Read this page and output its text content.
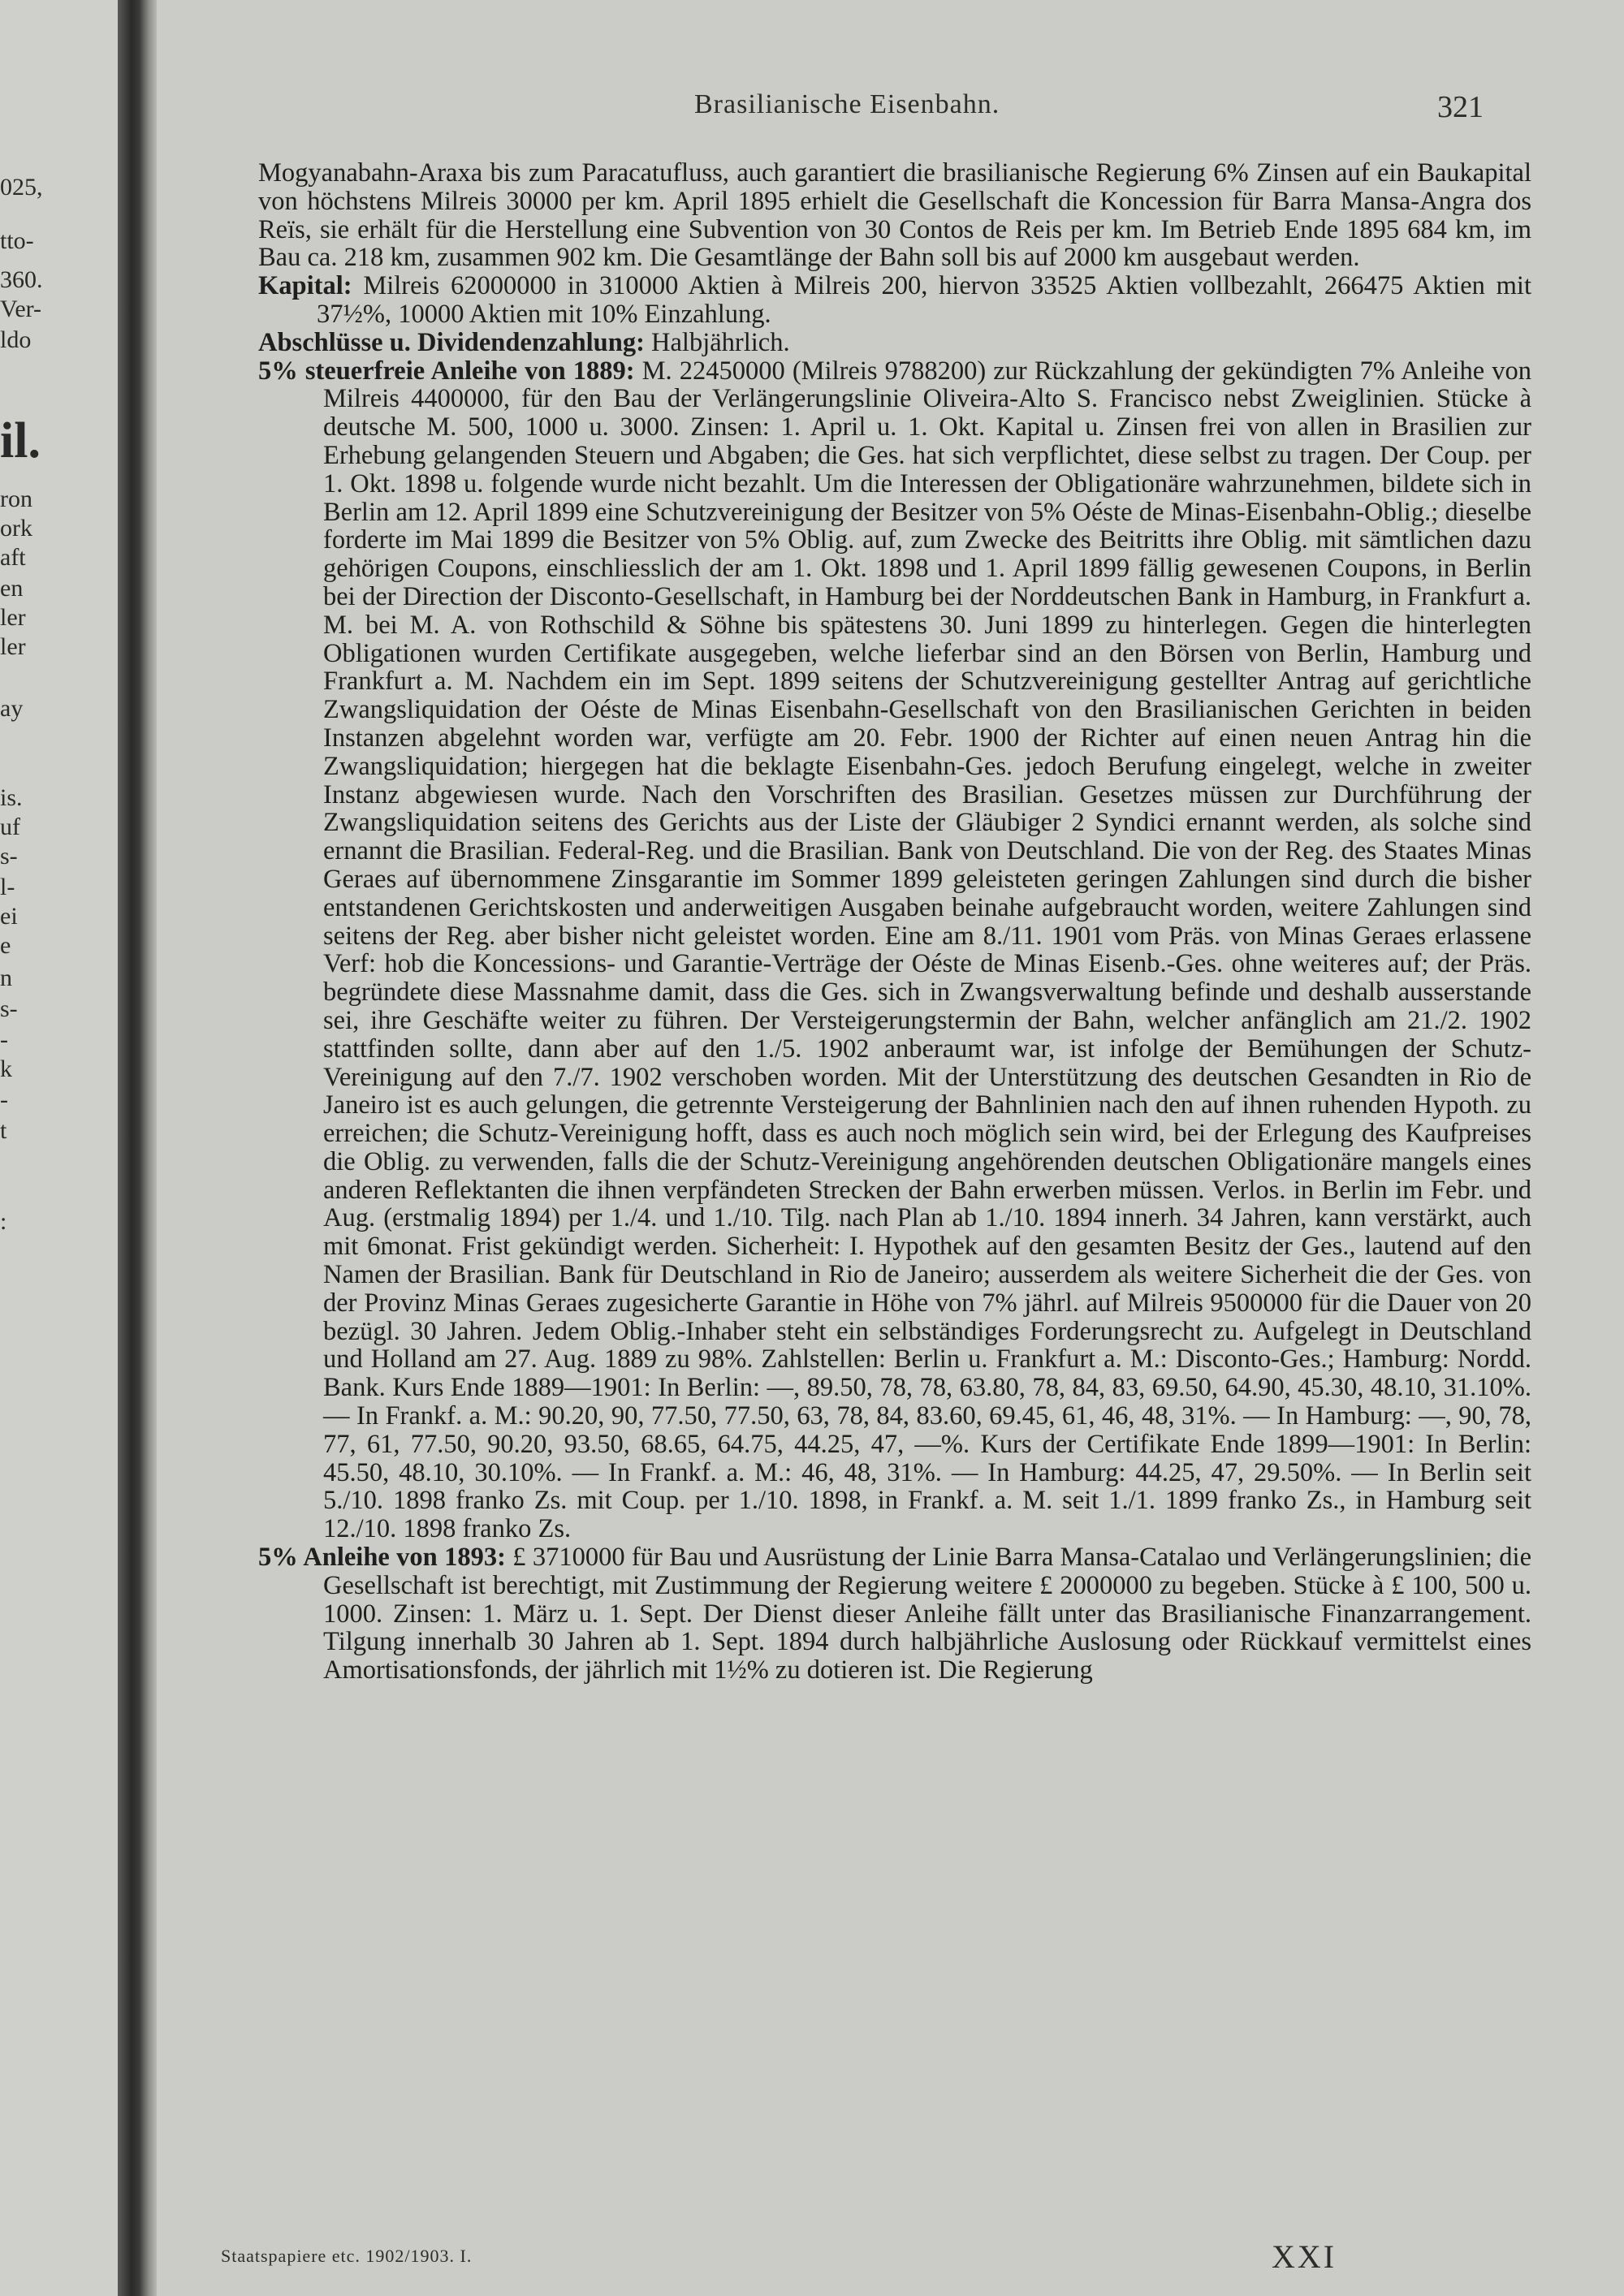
025,
tto-
360.
Ver-
ldo
il.
ron
ork
aft
en
ler
ler
ay
is.
uf
s-
l-
ei
e
n
s-
-
k
-
t
:
Brasilianische Eisenbahn.	321

Mogyanabahn-Araxa bis zum Paracatufluss, auch garantiert die brasilianische Regierung 6% Zinsen auf ein Baukapital von höchstens Milreis 30000 per km. April 1895 erhielt die Gesellschaft die Koncession für Barra Mansa-Angra dos Reïs, sie erhält für die Herstellung eine Subvention von 30 Contos de Reis per km. Im Betrieb Ende 1895 684 km, im Bau ca. 218 km, zusammen 902 km. Die Gesamtlänge der Bahn soll bis auf 2000 km ausgebaut werden.

Kapital: Milreis 62000000 in 310000 Aktien à Milreis 200, hiervon 33525 Aktien vollbezahlt, 266475 Aktien mit 37½%, 10000 Aktien mit 10% Einzahlung.

Abschlüsse u. Dividendenzahlung: Halbjährlich.

5% steuerfreie Anleihe von 1889: M. 22450000 (Milreis 9788200) zur Rückzahlung der gekündigten 7% Anleihe von Milreis 4400000, für den Bau der Verlängerungslinie Oliveira-Alto S. Francisco nebst Zweiglinien. Stücke à deutsche M. 500, 1000 u. 3000. Zinsen: 1. April u. 1. Okt. Kapital u. Zinsen frei von allen in Brasilien zur Erhebung gelangenden Steuern und Abgaben; die Ges. hat sich verpflichtet, diese selbst zu tragen. Der Coup. per 1. Okt. 1898 u. folgende wurde nicht bezahlt. Um die Interessen der Obligationäre wahrzunehmen, bildete sich in Berlin am 12. April 1899 eine Schutzvereinigung der Besitzer von 5% Oéste de Minas-Eisenbahn-Oblig.; dieselbe forderte im Mai 1899 die Besitzer von 5% Oblig. auf, zum Zwecke des Beitritts ihre Oblig. mit sämtlichen dazu gehörigen Coupons, einschliesslich der am 1. Okt. 1898 und 1. April 1899 fällig gewesenen Coupons, in Berlin bei der Direction der Disconto-Gesellschaft, in Hamburg bei der Norddeutschen Bank in Hamburg, in Frankfurt a. M. bei M. A. von Rothschild & Söhne bis spätestens 30. Juni 1899 zu hinterlegen. Gegen die hinterlegten Obligationen wurden Certifikate ausgegeben, welche lieferbar sind an den Börsen von Berlin, Hamburg und Frankfurt a. M. Nachdem ein im Sept. 1899 seitens der Schutzvereinigung gestellter Antrag auf gerichtliche Zwangsliquidation der Oéste de Minas Eisenbahn-Gesellschaft von den Brasilianischen Gerichten in beiden Instanzen abgelehnt worden war, verfügte am 20. Febr. 1900 der Richter auf einen neuen Antrag hin die Zwangsliquidation; hiergegen hat die beklagte Eisenbahn-Ges. jedoch Berufung eingelegt, welche in zweiter Instanz abgewiesen wurde. Nach den Vorschriften des Brasilian. Gesetzes müssen zur Durchführung der Zwangsliquidation seitens des Gerichts aus der Liste der Gläubiger 2 Syndici ernannt werden, als solche sind ernannt die Brasilian. Federal-Reg. und die Brasilian. Bank von Deutschland. Die von der Reg. des Staates Minas Geraes auf übernommene Zinsgarantie im Sommer 1899 geleisteten geringen Zahlungen sind durch die bisher entstandenen Gerichtskosten und anderweitigen Ausgaben beinahe aufgebraucht worden, weitere Zahlungen sind seitens der Reg. aber bisher nicht geleistet worden. Eine am 8./11. 1901 vom Präs. von Minas Geraes erlassene Verf: hob die Koncessions- und Garantie-Verträge der Oéste de Minas Eisenb.-Ges. ohne weiteres auf; der Präs. begründete diese Massnahme damit, dass die Ges. sich in Zwangsverwaltung befinde und deshalb ausserstande sei, ihre Geschäfte weiter zu führen. Der Versteigerungstermin der Bahn, welcher anfänglich am 21./2. 1902 stattfinden sollte, dann aber auf den 1./5. 1902 anberaumt war, ist infolge der Bemühungen der Schutz-Vereinigung auf den 7./7. 1902 verschoben worden. Mit der Unterstützung des deutschen Gesandten in Rio de Janeiro ist es auch gelungen, die getrennte Versteigerung der Bahnlinien nach den auf ihnen ruhenden Hypoth. zu erreichen; die Schutz-Vereinigung hofft, dass es auch noch möglich sein wird, bei der Erlegung des Kaufpreises die Oblig. zu verwenden, falls die der Schutz-Vereinigung angehörenden deutschen Obligationäre mangels eines anderen Reflektanten die ihnen verpfändeten Strecken der Bahn erwerben müssen. Verlos. in Berlin im Febr. und Aug. (erstmalig 1894) per 1./4. und 1./10. Tilg. nach Plan ab 1./10. 1894 innerh. 34 Jahren, kann verstärkt, auch mit 6monat. Frist gekündigt werden. Sicherheit: I. Hypothek auf den gesamten Besitz der Ges., lautend auf den Namen der Brasilian. Bank für Deutschland in Rio de Janeiro; ausserdem als weitere Sicherheit die der Ges. von der Provinz Minas Geraes zugesicherte Garantie in Höhe von 7% jährl. auf Milreis 9500000 für die Dauer von 20 bezügl. 30 Jahren. Jedem Oblig.-Inhaber steht ein selbständiges Forderungsrecht zu. Aufgelegt in Deutschland und Holland am 27. Aug. 1889 zu 98%. Zahlstellen: Berlin u. Frankfurt a. M.: Disconto-Ges.; Hamburg: Nordd. Bank. Kurs Ende 1889—1901: In Berlin: —, 89.50, 78, 78, 63.80, 78, 84, 83, 69.50, 64.90, 45.30, 48.10, 31.10%. — In Frankf. a. M.: 90.20, 90, 77.50, 77.50, 63, 78, 84, 83.60, 69.45, 61, 46, 48, 31%. — In Hamburg: —, 90, 78, 77, 61, 77.50, 90.20, 93.50, 68.65, 64.75, 44.25, 47, —%. Kurs der Certifikate Ende 1899—1901: In Berlin: 45.50, 48.10, 30.10%. — In Frankf. a. M.: 46, 48, 31%. — In Hamburg: 44.25, 47, 29.50%. — In Berlin seit 5./10. 1898 franko Zs. mit Coup. per 1./10. 1898, in Frankf. a. M. seit 1./1. 1899 franko Zs., in Hamburg seit 12./10. 1898 franko Zs.

5% Anleihe von 1893: £ 3710000 für Bau und Ausrüstung der Linie Barra Mansa-Catalao und Verlängerungslinien; die Gesellschaft ist berechtigt, mit Zustimmung der Regierung weitere £ 2000000 zu begeben. Stücke à £ 100, 500 u. 1000. Zinsen: 1. März u. 1. Sept. Der Dienst dieser Anleihe fällt unter das Brasilianische Finanzarrangement. Tilgung innerhalb 30 Jahren ab 1. Sept. 1894 durch halbjährliche Auslosung oder Rückkauf vermittelst eines Amortisationsfonds, der jährlich mit 1½% zu dotieren ist. Die Regierung

Staatspapiere etc. 1902/1903. I.	XXI
